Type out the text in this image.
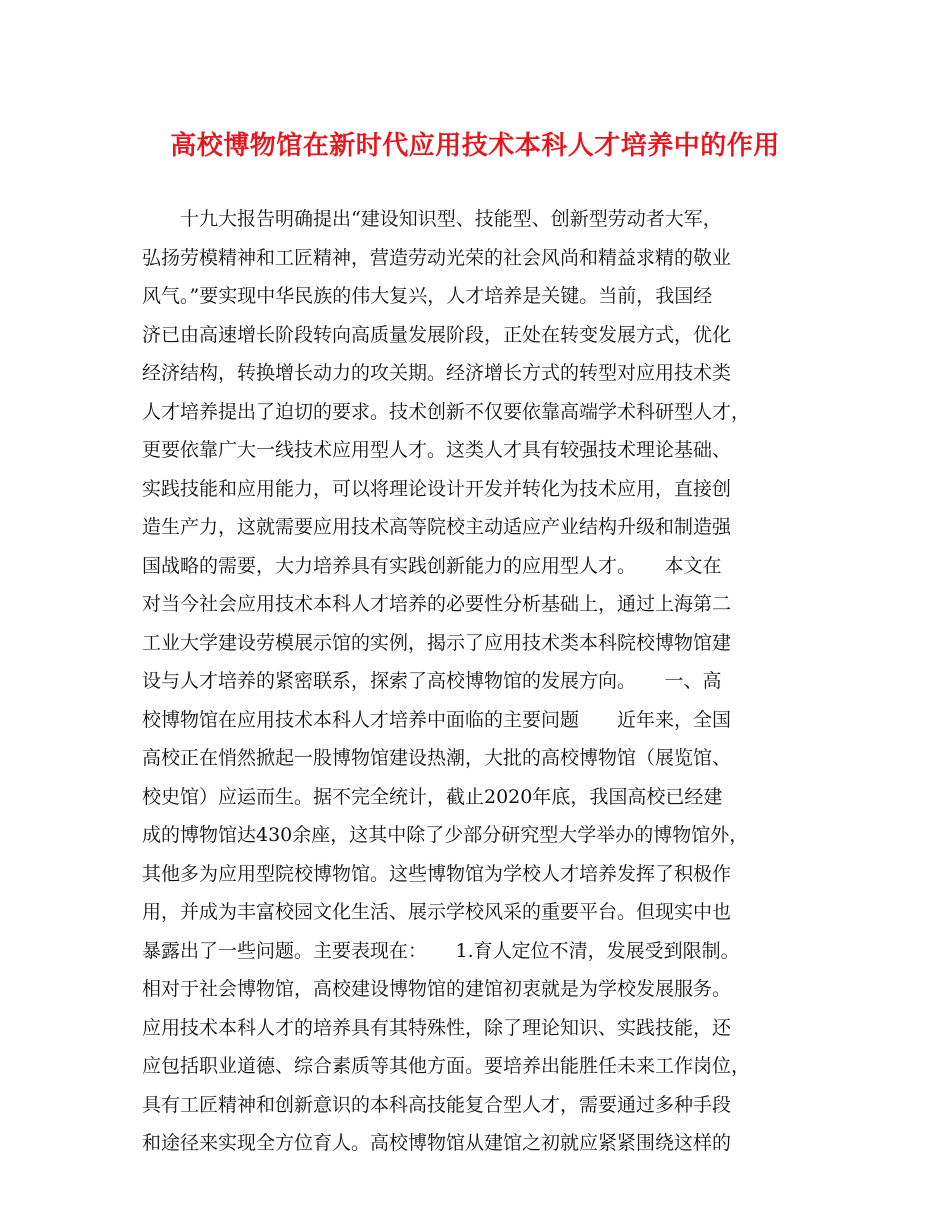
高校博物馆在新时代应用技术本科人才培养中的作用
十九大报告明确提出“建设知识型、技能型、创新型劳动者大军，
弘扬劳模精神和工匠精神，营造劳动光荣的社会风尚和精益求精的敬业
风气。”要实现中华民族的伟大复兴，人才培养是关键。当前，我国经
济已由高速增长阶段转向高质量发展阶段，正处在转变发展方式，优化
经济结构，转换增长动力的攻关期。经济增长方式的转型对应用技术类
人才培养提出了迫切的要求。技术创新不仅要依靠高端学术科研型人才，
更要依靠广大一线技术应用型人才。这类人才具有较强技术理论基础、
实践技能和应用能力，可以将理论设计开发并转化为技术应用，直接创
造生产力，这就需要应用技术高等院校主动适应产业结构升级和制造强
国战略的需要，大力培养具有实践创新能力的应用型人才。　　本文在
对当今社会应用技术本科人才培养的必要性分析基础上，通过上海第二
工业大学建设劳模展示馆的实例，揭示了应用技术类本科院校博物馆建
设与人才培养的紧密联系，探索了高校博物馆的发展方向。　　一、高
校博物馆在应用技术本科人才培养中面临的主要问题　　近年来，全国
高校正在悄然掀起一股博物馆建设热潮，大批的高校博物馆（展览馆、
校史馆）应运而生。据不完全统计，截止2020年底，我国高校已经建
成的博物馆达430余座，这其中除了少部分研究型大学举办的博物馆外，
其他多为应用型院校博物馆。这些博物馆为学校人才培养发挥了积极作
用，并成为丰富校园文化生活、展示学校风采的重要平台。但现实中也
暴露出了一些问题。主要表现在：　　1.育人定位不清，发展受到限制。
相对于社会博物馆，高校建设博物馆的建馆初衷就是为学校发展服务。
应用技术本科人才的培养具有其特殊性，除了理论知识、实践技能，还
应包括职业道德、综合素质等其他方面。要培养出能胜任未来工作岗位，
具有工匠精神和创新意识的本科高技能复合型人才，需要通过多种手段
和途径来实现全方位育人。高校博物馆从建馆之初就应紧紧围绕这样的
